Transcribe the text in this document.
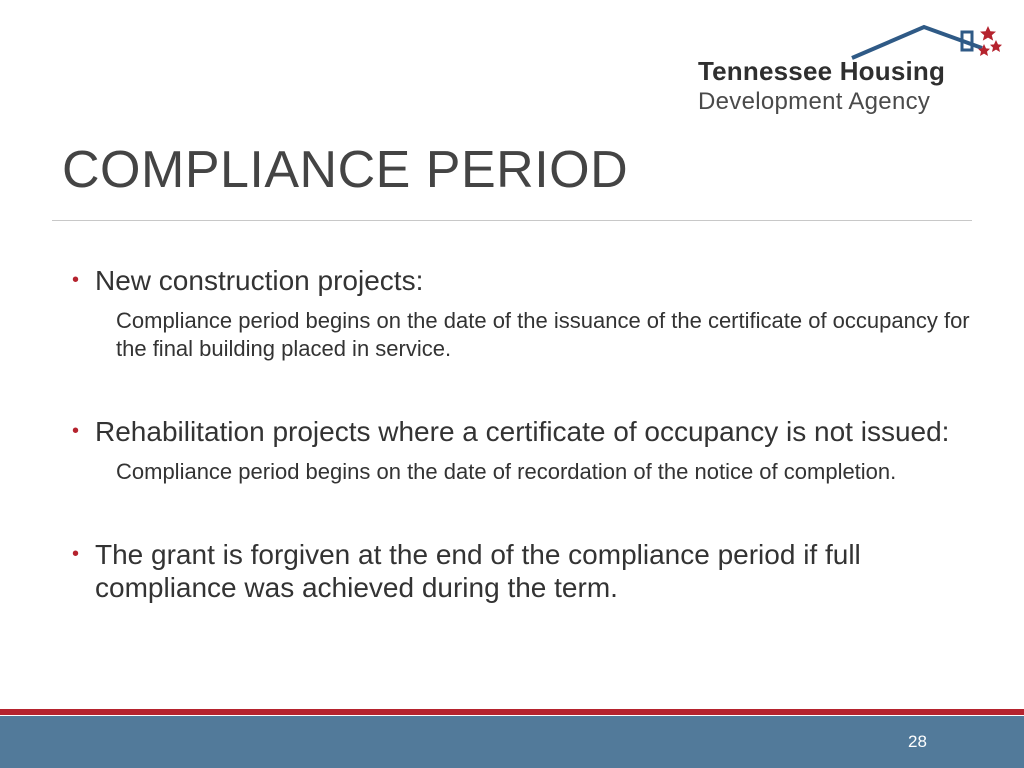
Tennessee Housing
Development Agency
COMPLIANCE PERIOD
• New construction projects:
Compliance period begins on the date of the issuance of the certificate of occupancy for the final building placed in service.
• Rehabilitation projects where a certificate of occupancy is not issued:
Compliance period begins on the date of recordation of the notice of completion.
• The grant is forgiven at the end of the compliance period if full compliance was achieved during the term.
28
